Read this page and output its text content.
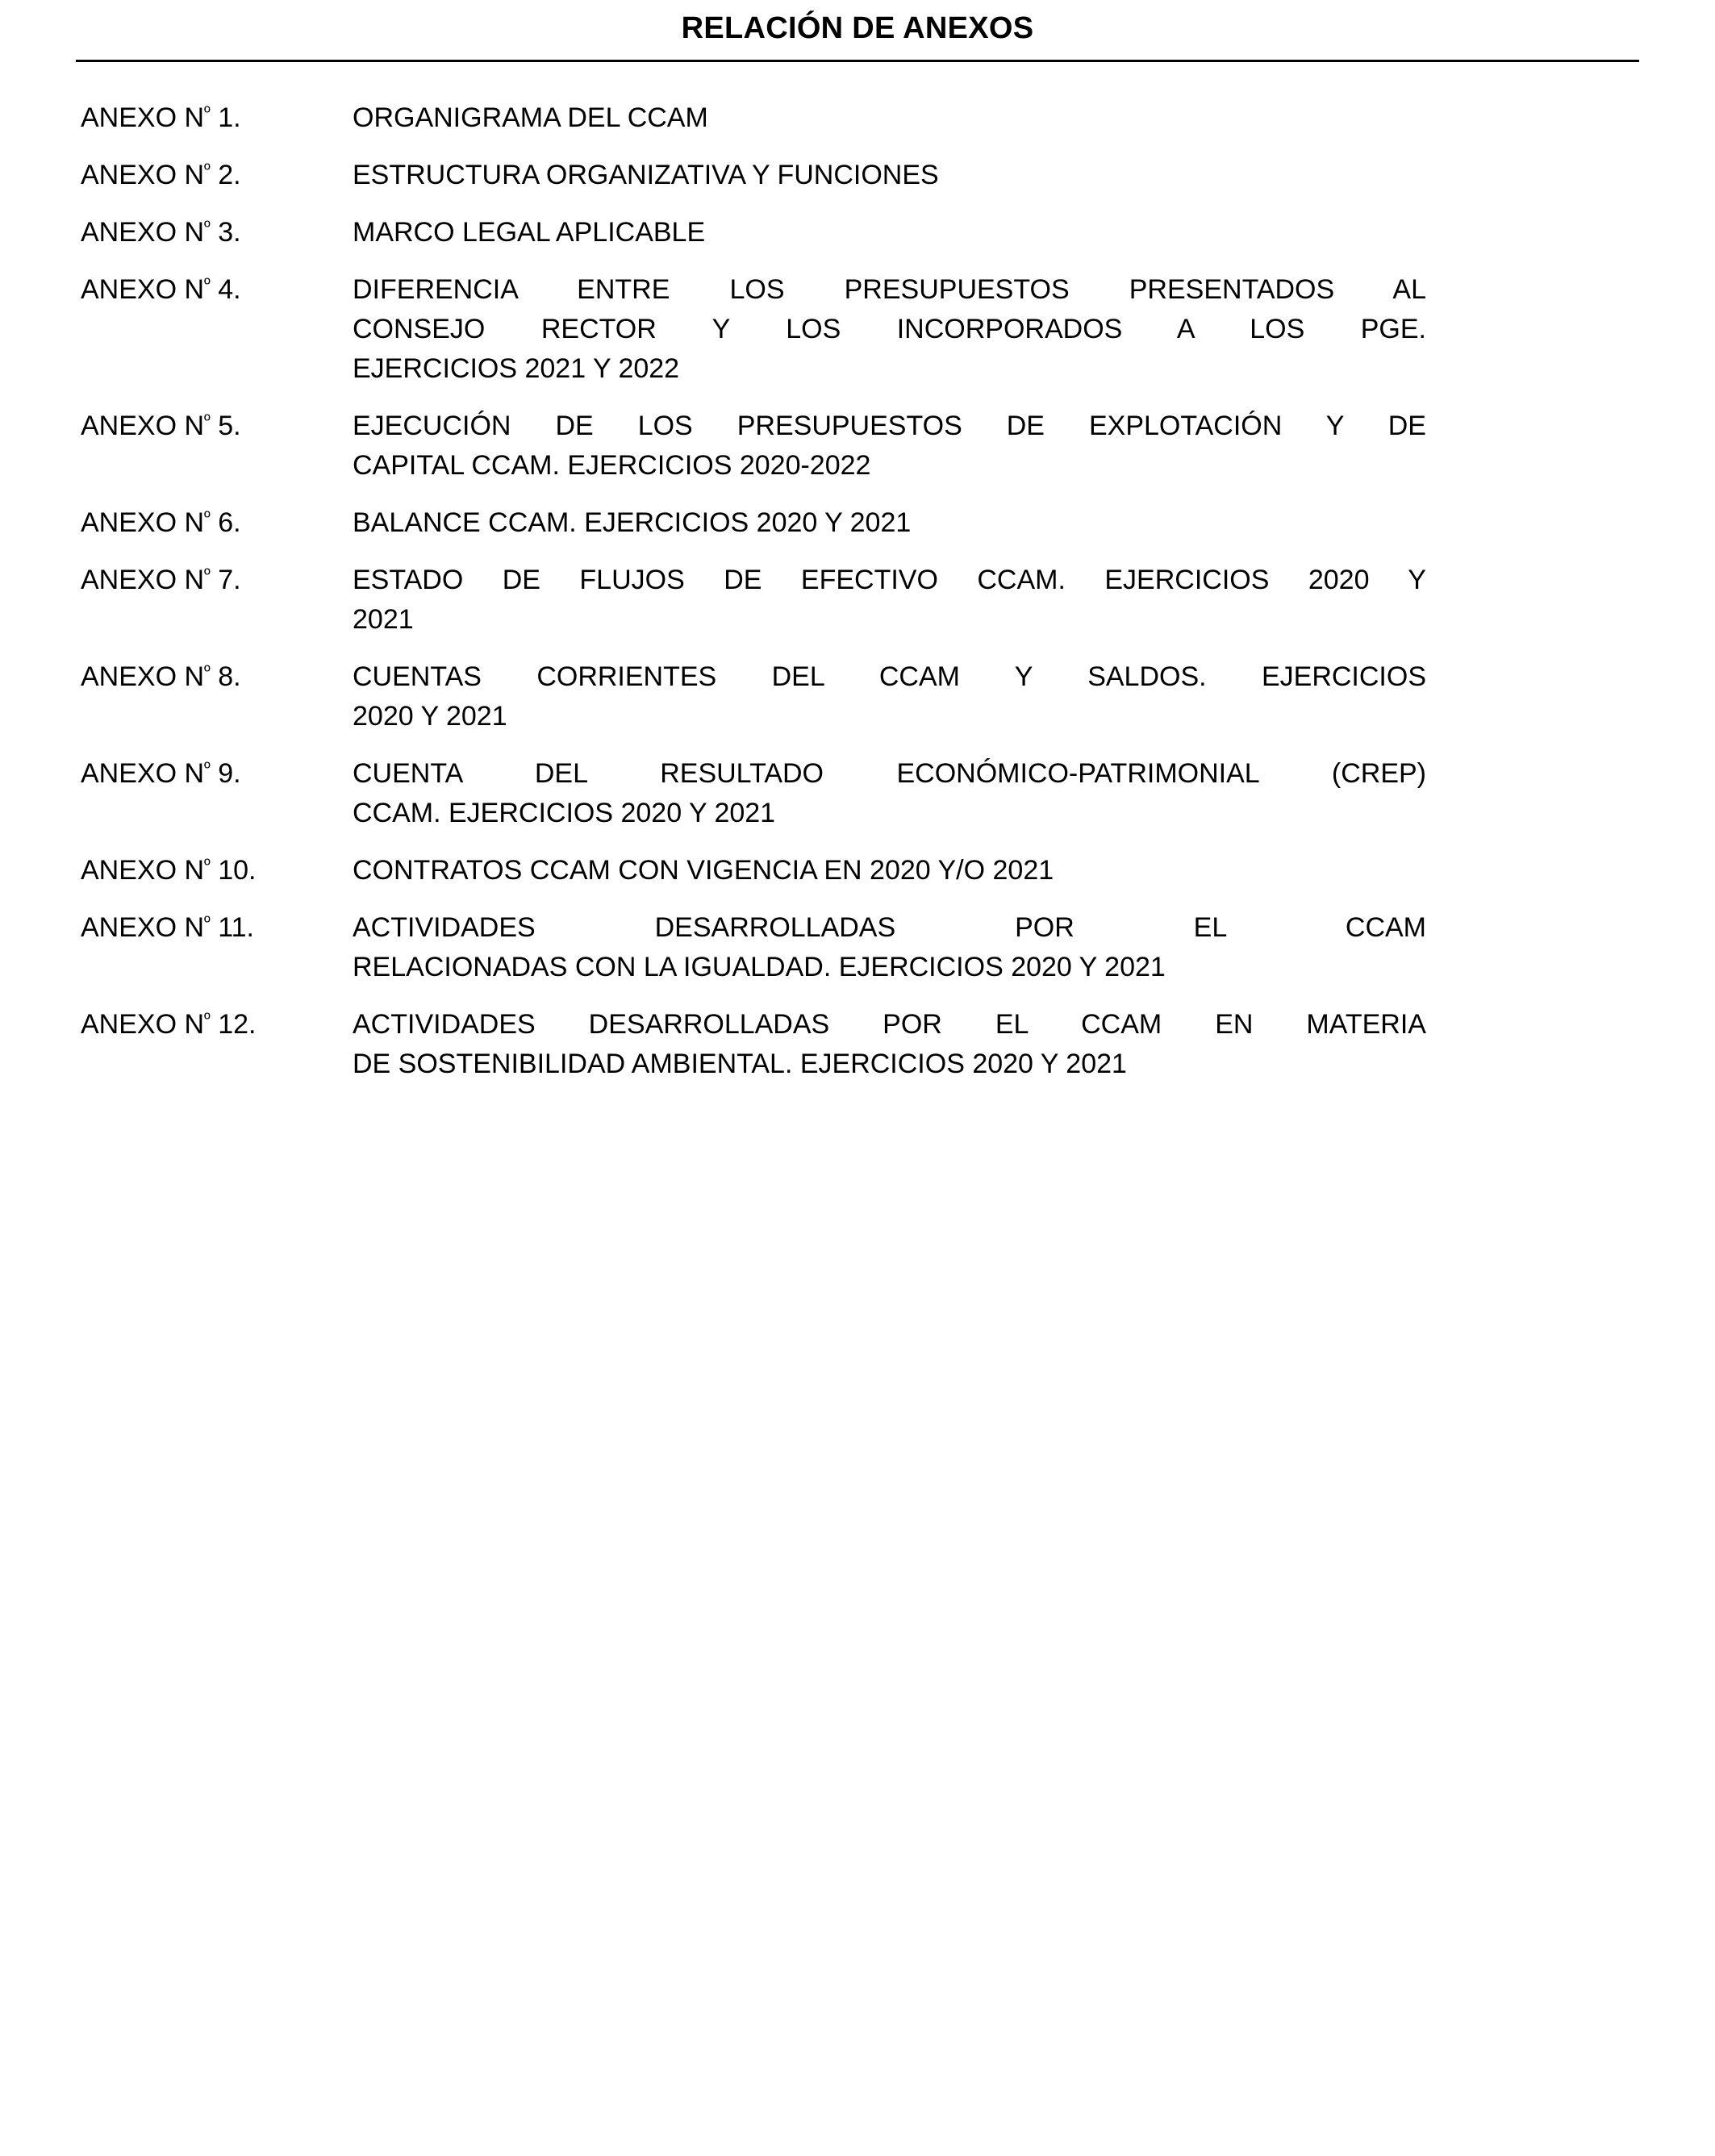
RELACIÓN DE ANEXOS
ANEXO $N^º$ 1.	ORGANIGRAMA DEL CCAM
ANEXO $N^º$ 2.	ESTRUCTURA ORGANIZATIVA Y FUNCIONES
ANEXO $N^º$ 3.	MARCO LEGAL APLICABLE
ANEXO $N^º$ 4.	DIFERENCIA ENTRE LOS PRESUPUESTOS PRESENTADOS AL
CONSEJO RECTOR Y LOS INCORPORADOS A LOS PGE.
EJERCICIOS 2021 Y 2022
ANEXO $N^º$ 5.	EJECUCIÓN DE LOS PRESUPUESTOS DE EXPLOTACIÓN Y DE
CAPITAL CCAM. EJERCICIOS 2020-2022
ANEXO $N^º$ 6.	BALANCE CCAM. EJERCICIOS 2020 Y 2021
ANEXO $N^º$ 7.	ESTADO DE FLUJOS DE EFECTIVO CCAM. EJERCICIOS 2020 Y
2021
ANEXO $N^º$ 8.	CUENTAS CORRIENTES DEL CCAM Y SALDOS. EJERCICIOS
2020 Y 2021
ANEXO $N^º$ 9.	CUENTA DEL RESULTADO ECONÓMICO-PATRIMONIAL (CREP)
CCAM. EJERCICIOS 2020 Y 2021
ANEXO $N^º$ 10.	CONTRATOS CCAM CON VIGENCIA EN 2020 Y/O 2021
ANEXO $N^º$ 11.	ACTIVIDADES DESARROLLADAS POR EL CCAM
RELACIONADAS CON LA IGUALDAD. EJERCICIOS 2020 Y 2021
ANEXO $N^º$ 12.	ACTIVIDADES DESARROLLADAS POR EL CCAM EN MATERIA
DE SOSTENIBILIDAD AMBIENTAL. EJERCICIOS 2020 Y 2021
